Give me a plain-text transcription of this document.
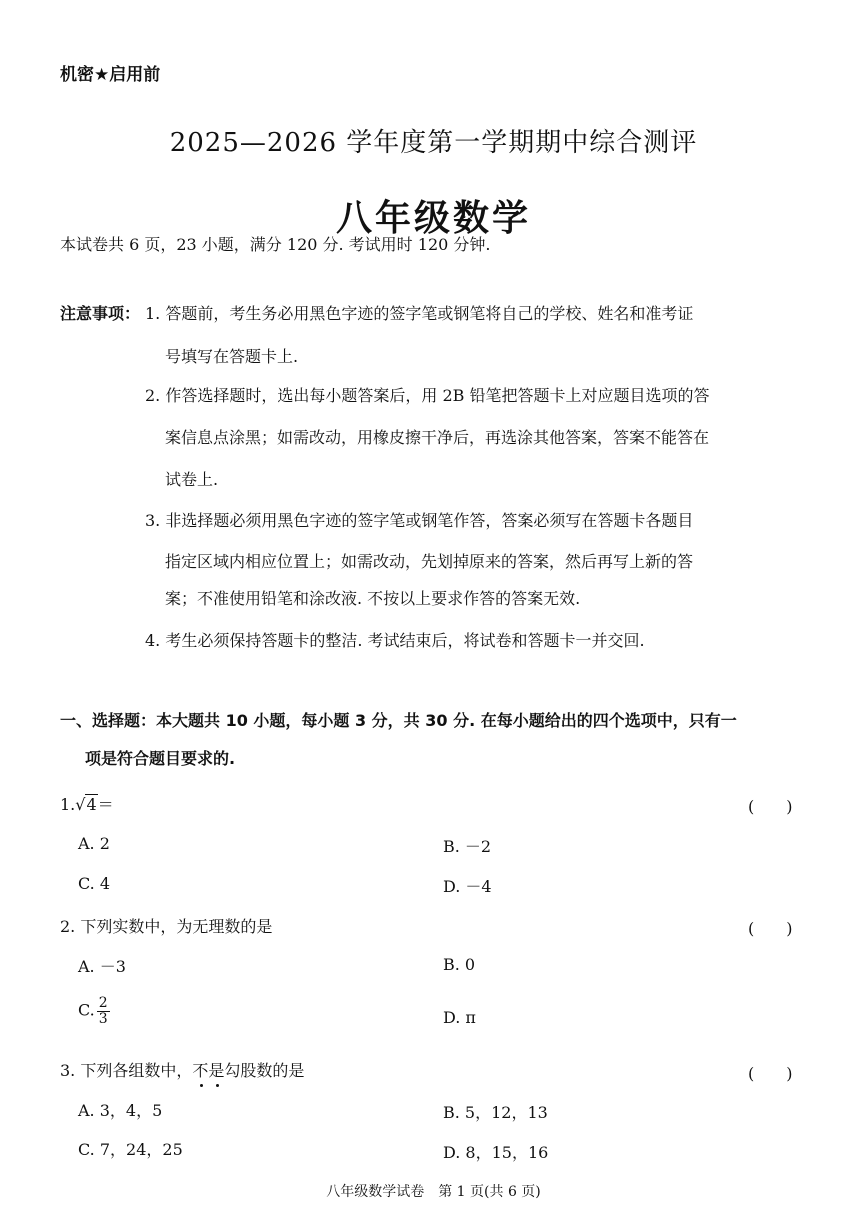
机密★启用前
2025—2026 学年度第一学期期中综合测评
八年级数学
本试卷共 6 页，23 小题，满分 120 分. 考试用时 120 分钟.
注意事项： 1. 答题前，考生务必用黑色字迹的签字笔或钢笔将自己的学校、姓名和准考证
号填写在答题卡上.
2. 作答选择题时，选出每小题答案后，用 2B 铅笔把答题卡上对应题目选项的答
案信息点涂黑；如需改动，用橡皮擦干净后，再选涂其他答案，答案不能答在
试卷上.
3. 非选择题必须用黑色字迹的签字笔或钢笔作答，答案必须写在答题卡各题目
指定区域内相应位置上；如需改动，先划掉原来的答案，然后再写上新的答
案；不准使用铅笔和涂改液. 不按以上要求作答的答案无效.
4. 考生必须保持答题卡的整洁. 考试结束后，将试卷和答题卡一并交回.
一、选择题：本大题共 10 小题，每小题 3 分，共 30 分. 在每小题给出的四个选项中，只有一
项是符合题目要求的.
1.√4＝	(　　)
A. 2	B. －2
C. 4	D. －4
2. 下列实数中，为无理数的是	(　　)
A. －3	B. 0
C. $\frac{2}{3}$	D. π
3. 下列各组数中，不是勾股数的是	(　　)
A. 3，4，5	B. 5，12，13
C. 7，24，25	D. 8，15，16
八年级数学试卷　第 1 页(共 6 页)
